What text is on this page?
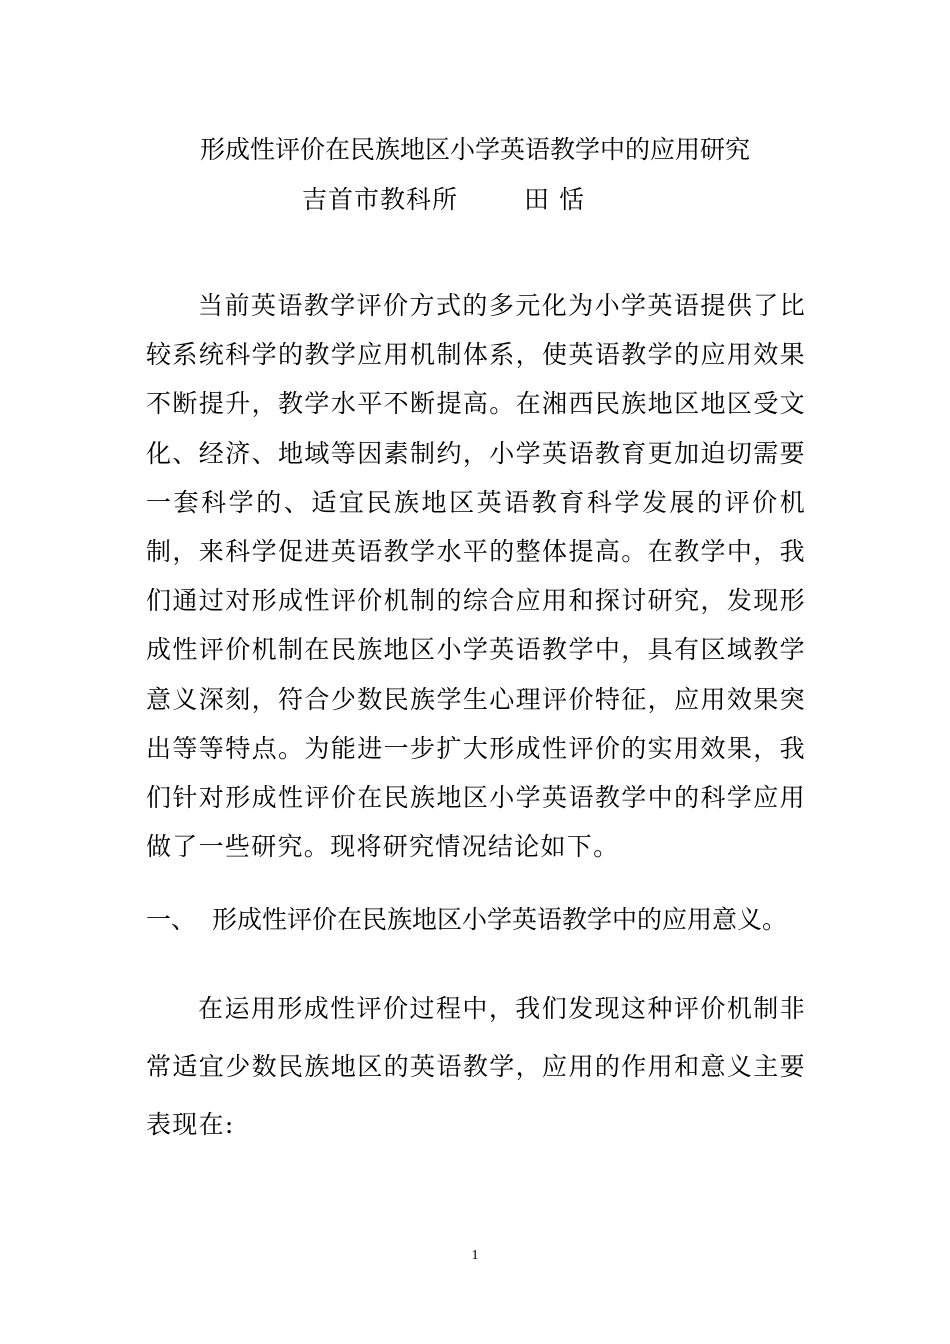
形成性评价在民族地区小学英语教学中的应用研究
吉首市教科所	田恬

当前英语教学评价方式的多元化为小学英语提供了比较系统科学的教学应用机制体系，使英语教学的应用效果不断提升，教学水平不断提高。在湘西民族地区地区受文化、经济、地域等因素制约，小学英语教育更加迫切需要一套科学的、适宜民族地区英语教育科学发展的评价机制，来科学促进英语教学水平的整体提高。在教学中，我们通过对形成性评价机制的综合应用和探讨研究，发现形成性评价机制在民族地区小学英语教学中，具有区域教学意义深刻，符合少数民族学生心理评价特征，应用效果突出等等特点。为能进一步扩大形成性评价的实用效果，我们针对形成性评价在民族地区小学英语教学中的科学应用做了一些研究。现将研究情况结论如下。

一、 形成性评价在民族地区小学英语教学中的应用意义。

在运用形成性评价过程中，我们发现这种评价机制非常适宜少数民族地区的英语教学，应用的作用和意义主要表现在:

1
